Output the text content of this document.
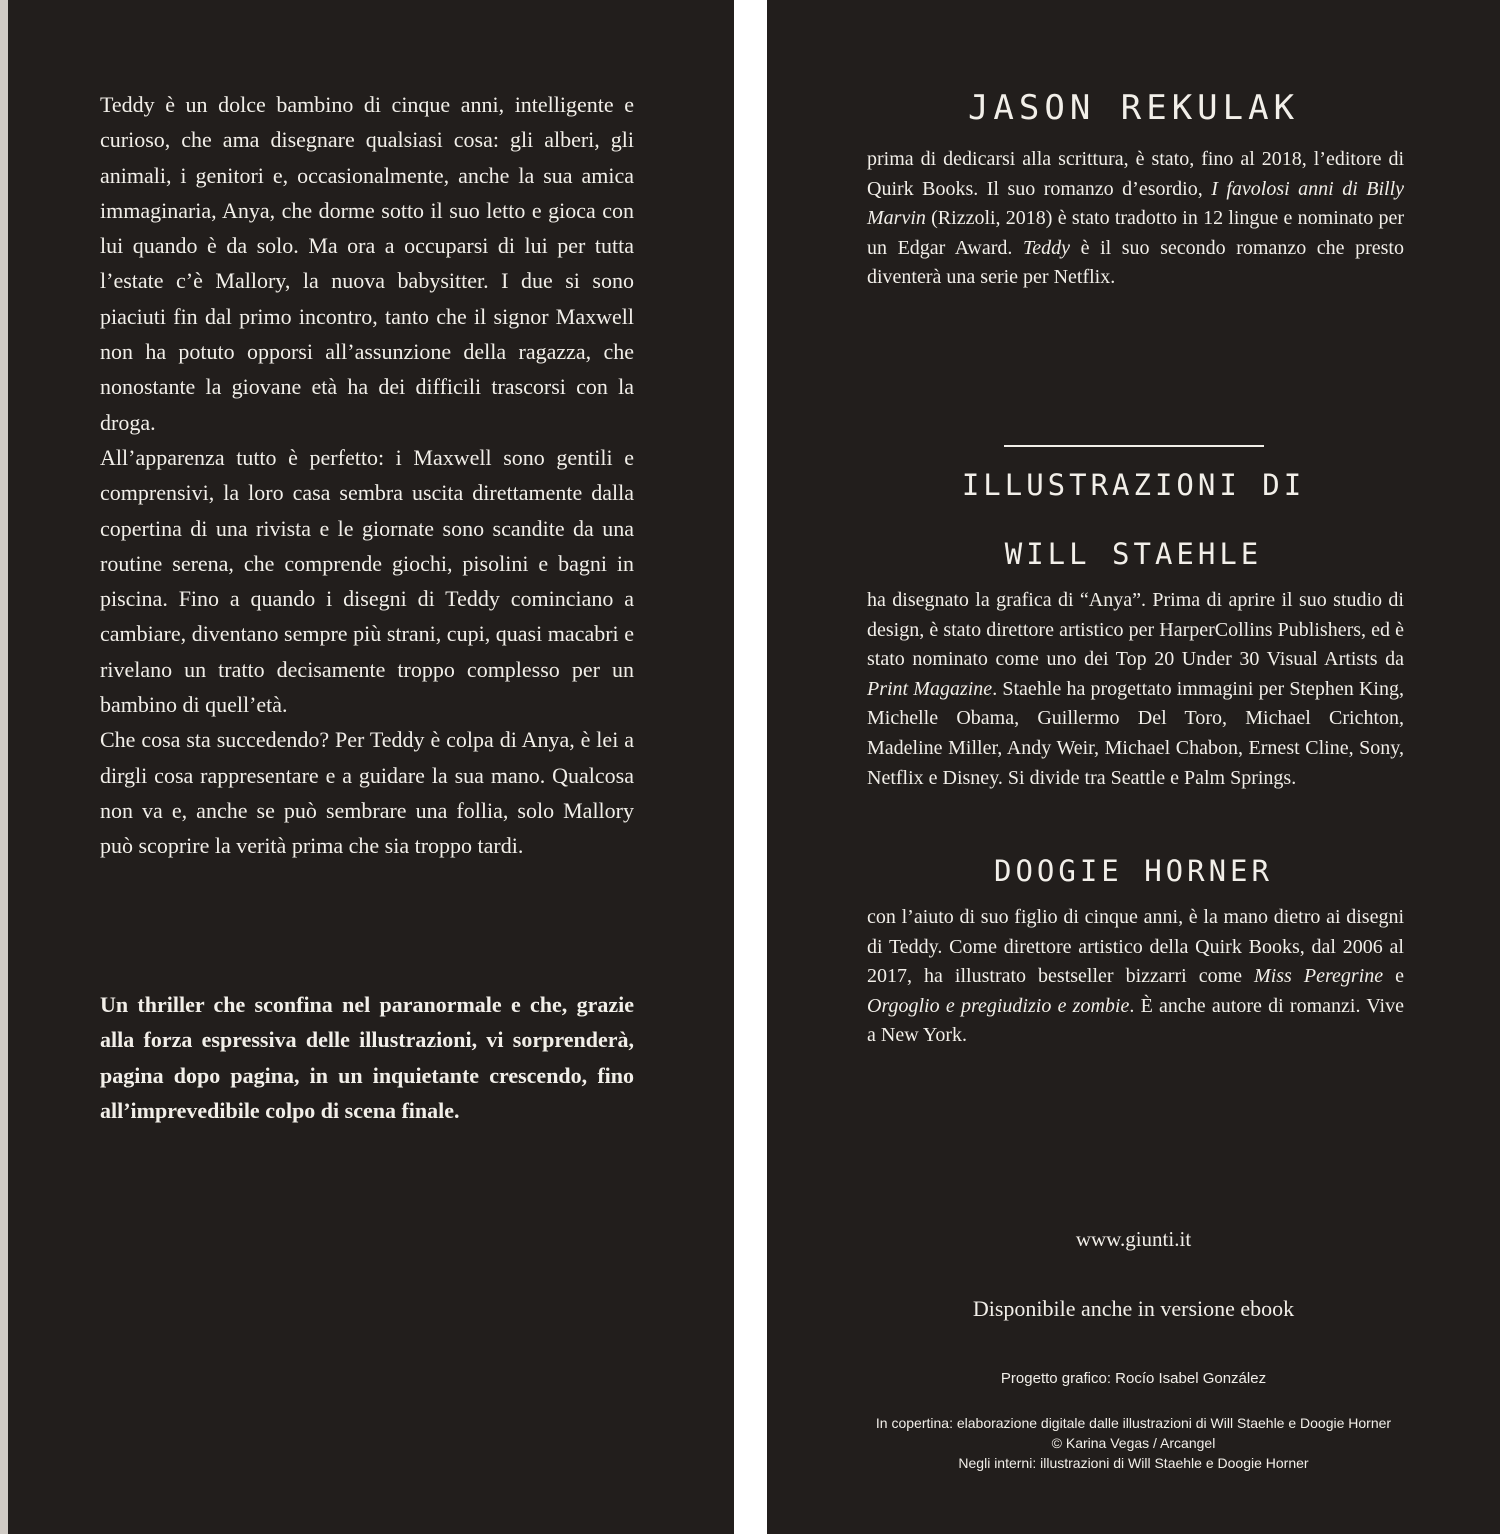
Teddy è un dolce bambino di cinque anni, intelligente e curioso, che ama disegnare qualsiasi cosa: gli alberi, gli animali, i genitori e, occasionalmente, anche la sua amica immaginaria, Anya, che dorme sotto il suo letto e gioca con lui quando è da solo. Ma ora a occuparsi di lui per tutta l’estate c’è Mallory, la nuova babysitter. I due si sono piaciuti fin dal primo incontro, tanto che il signor Maxwell non ha potuto opporsi all’assunzione della ragazza, che nonostante la giovane età ha dei difficili trascorsi con la droga.

All’apparenza tutto è perfetto: i Maxwell sono gentili e comprensivi, la loro casa sembra uscita direttamente dalla copertina di una rivista e le giornate sono scandite da una routine serena, che comprende giochi, pisolini e bagni in piscina. Fino a quando i disegni di Teddy cominciano a cambiare, diventano sempre più strani, cupi, quasi macabri e rivelano un tratto decisamente troppo complesso per un bambino di quell’età.

Che cosa sta succedendo? Per Teddy è colpa di Anya, è lei a dirgli cosa rappresentare e a guidare la sua mano. Qualcosa non va e, anche se può sembrare una follia, solo Mallory può scoprire la verità prima che sia troppo tardi.

Un thriller che sconfina nel paranormale e che, grazie alla forza espressiva delle illustrazioni, vi sorprenderà, pagina dopo pagina, in un inquietante crescendo, fino all’imprevedibile colpo di scena finale.

JASON REKULAK

prima di dedicarsi alla scrittura, è stato, fino al 2018, l’editore di Quirk Books. Il suo romanzo d’esordio, I favolosi anni di Billy Marvin (Rizzoli, 2018) è stato tradotto in 12 lingue e nominato per un Edgar Award. Teddy è il suo secondo romanzo che presto diventerà una serie per Netflix.

ILLUSTRAZIONI DI
WILL STAEHLE

ha disegnato la grafica di “Anya”. Prima di aprire il suo studio di design, è stato direttore artistico per HarperCollins Publishers, ed è stato nominato come uno dei Top 20 Under 30 Visual Artists da Print Magazine. Staehle ha progettato immagini per Stephen King, Michelle Obama, Guillermo Del Toro, Michael Crichton, Madeline Miller, Andy Weir, Michael Chabon, Ernest Cline, Sony, Netflix e Disney. Si divide tra Seattle e Palm Springs.

DOOGIE HORNER

con l’aiuto di suo figlio di cinque anni, è la mano dietro ai disegni di Teddy. Come direttore artistico della Quirk Books, dal 2006 al 2017, ha illustrato bestseller bizzarri come Miss Peregrine e Orgoglio e pregiudizio e zombie. È anche autore di romanzi. Vive a New York.

www.giunti.it

Disponibile anche in versione ebook

Progetto grafico: Rocío Isabel González

In copertina: elaborazione digitale dalle illustrazioni di Will Staehle e Doogie Horner
© Karina Vegas / Arcangel
Negli interni: illustrazioni di Will Staehle e Doogie Horner
